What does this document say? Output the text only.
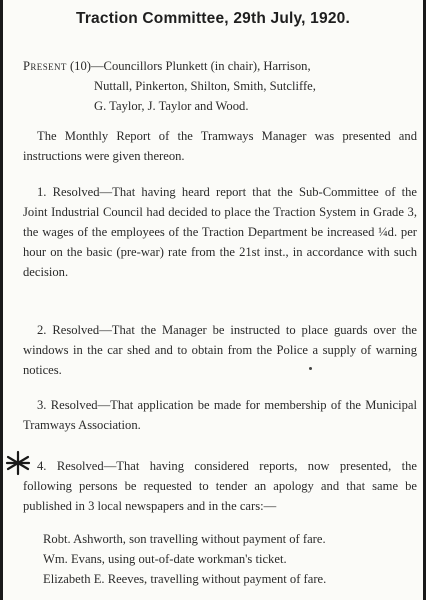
Traction Committee, 29th July, 1920.
Present (10)—Councillors Plunkett (in chair), Harrison,
Nuttall, Pinkerton, Shilton, Smith, Sutcliffe,
G. Taylor, J. Taylor and Wood.
The Monthly Report of the Tramways Manager was presented and instructions were given thereon.
1. Resolved—That having heard report that the Sub-Committee of the Joint Industrial Council had decided to place the Traction System in Grade 3, the wages of the employees of the Traction Department be increased ¼d. per hour on the basic (pre-war) rate from the 21st inst., in accordance with such decision.
2. Resolved—That the Manager be instructed to place guards over the windows in the car shed and to obtain from the Police a supply of warning notices.
3. Resolved—That application be made for membership of the Municipal Tramways Association.
4. Resolved—That having considered reports, now presented, the following persons be requested to tender an apology and that same be published in 3 local newspapers and in the cars:—
Robt. Ashworth, son travelling without payment of fare.
Wm. Evans, using out-of-date workman's ticket.
Elizabeth E. Reeves, travelling without payment of fare.
